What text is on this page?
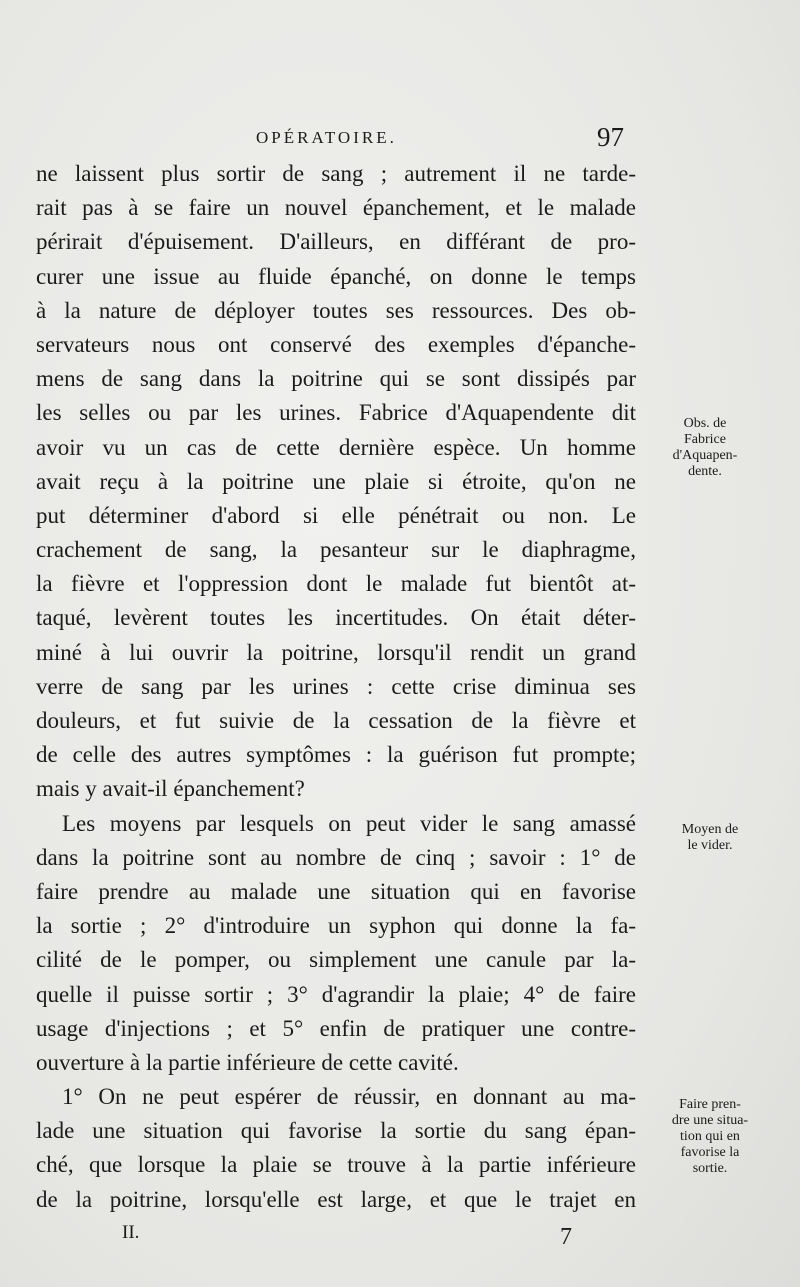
OPÉRATOIRE.	97
ne laissent plus sortir de sang ; autrement il ne tarde-
rait pas à se faire un nouvel épanchement, et le malade
périrait d'épuisement. D'ailleurs, en différant de pro-
curer une issue au fluide épanché, on donne le temps
à la nature de déployer toutes ses ressources. Des ob-
servateurs nous ont conservé des exemples d'épanche-
mens de sang dans la poitrine qui se sont dissipés par
les selles ou par les urines. Fabrice d'Aquapendente dit
avoir vu un cas de cette dernière espèce. Un homme
avait reçu à la poitrine une plaie si étroite, qu'on ne
put déterminer d'abord si elle pénétrait ou non. Le
crachement de sang, la pesanteur sur le diaphragme,
la fièvre et l'oppression dont le malade fut bientôt at-
taqué, levèrent toutes les incertitudes. On était déter-
miné à lui ouvrir la poitrine, lorsqu'il rendit un grand
verre de sang par les urines : cette crise diminua ses
douleurs, et fut suivie de la cessation de la fièvre et
de celle des autres symptômes : la guérison fut prompte;
mais y avait-il épanchement?
Les moyens par lesquels on peut vider le sang amassé
dans la poitrine sont au nombre de cinq ; savoir : 1° de
faire prendre au malade une situation qui en favorise
la sortie ; 2° d'introduire un syphon qui donne la fa-
cilité de le pomper, ou simplement une canule par la-
quelle il puisse sortir ; 3° d'agrandir la plaie; 4° de faire
usage d'injections ; et 5° enfin de pratiquer une contre-
ouverture à la partie inférieure de cette cavité.
1° On ne peut espérer de réussir, en donnant au ma-
lade une situation qui favorise la sortie du sang épan-
ché, que lorsque la plaie se trouve à la partie inférieure
de la poitrine, lorsqu'elle est large, et que le trajet en
Obs. de
Fabrice
d'Aquapen-
dente.
Moyen de
le vider.
Faire pren-
dre une situa-
tion qui en
favorise la
sortie.
II.	7
